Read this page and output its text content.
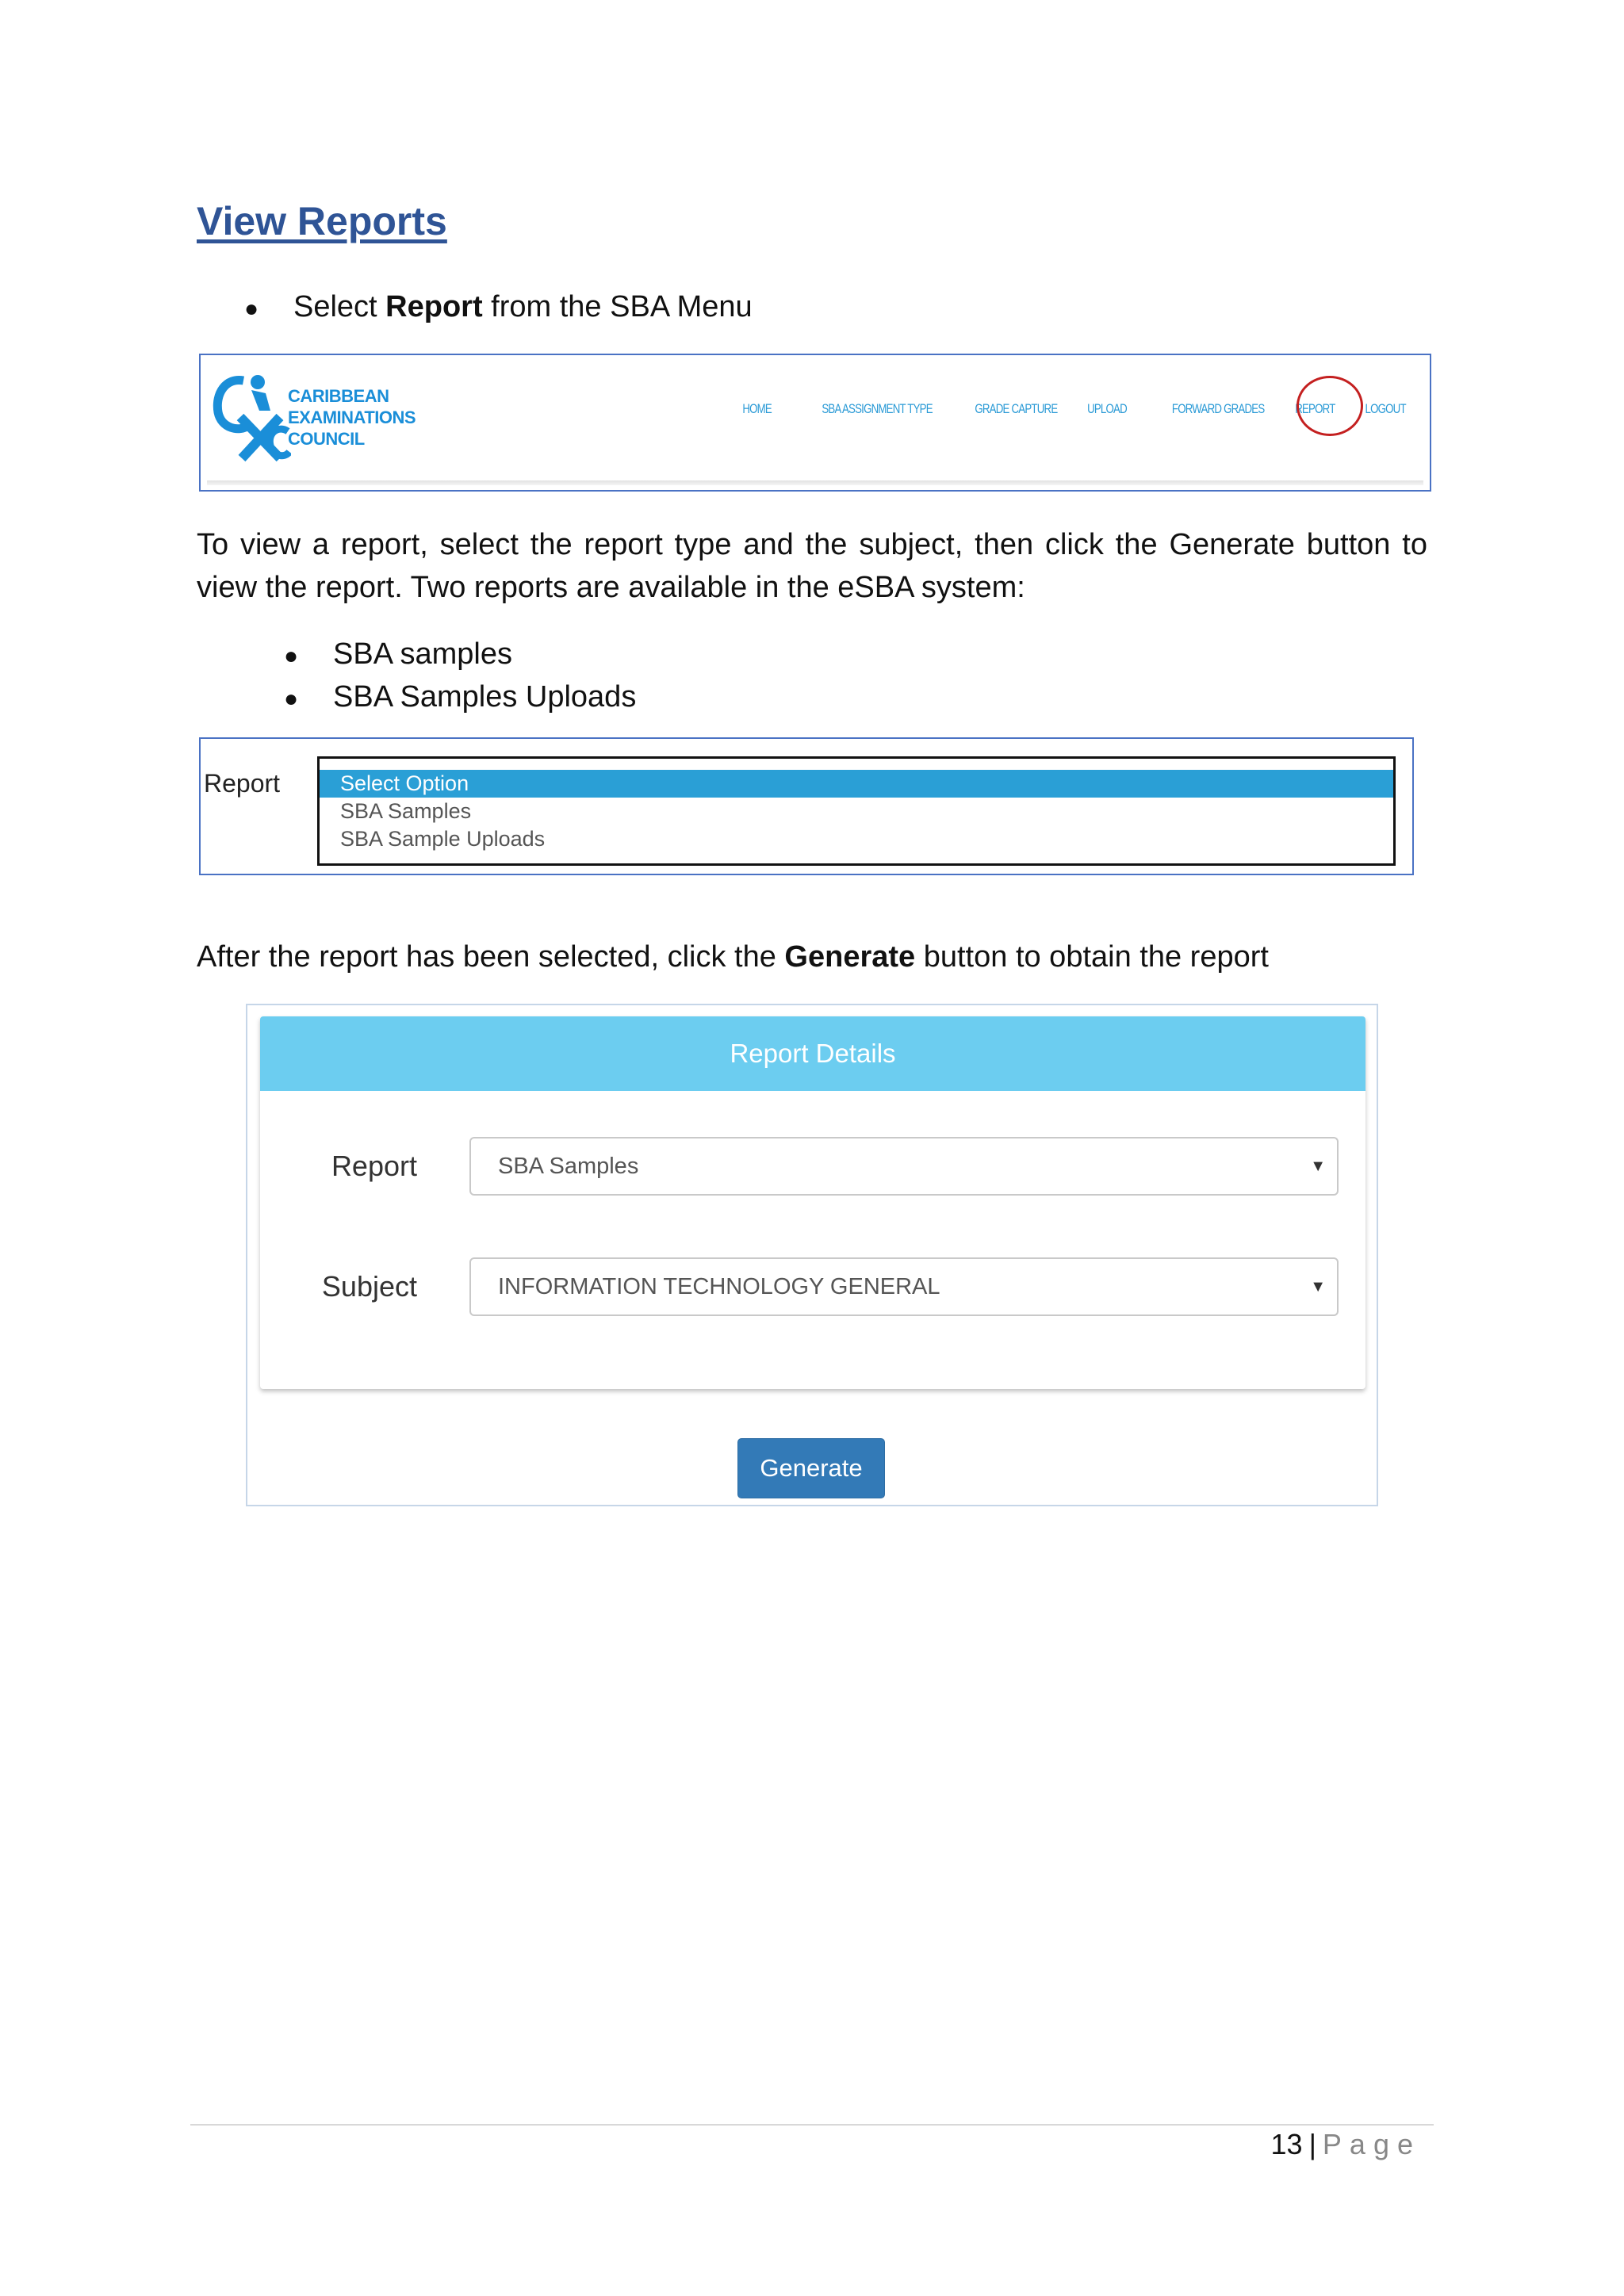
View Reports
● Select Report from the SBA Menu
CARIBBEAN
EXAMINATIONS
COUNCIL
HOME	SBA ASSIGNMENT TYPE	GRADE CAPTURE UPLOAD	FORWARD GRADES REPORT LOGOUT
To view a report, select the report type and the subject, then click the Generate button to view the report. Two reports are available in the eSBA system:
● SBA samples
● SBA Samples Uploads
Report	Select Option
SBA Samples
SBA Sample Uploads
After the report has been selected, click the Generate button to obtain the report
Report Details
Report	SBA Samples	▼
Subject	INFORMATION TECHNOLOGY GENERAL	▼
Generate
13 | Page
